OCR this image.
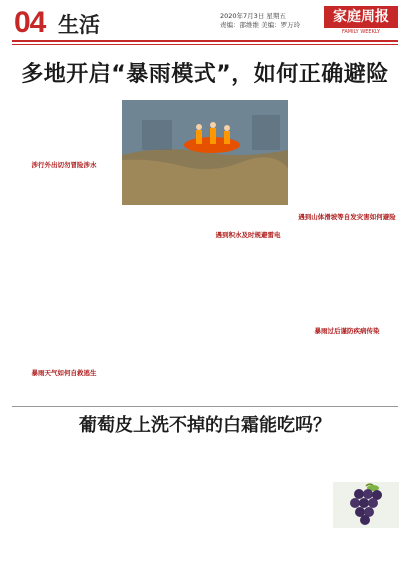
04 生活	2020年7月3日 星期五
责编：邵维维 美编：罗万玲	家庭周报
FAMILY WEEKLY
多地开启“暴雨模式”，如何正确避险
涉行外出切勿冒险涉水
暴雨天气如何自救逃生
遇到积水及时规避雷电
遇到山体滑坡等自发灾害如何避险
暴雨过后谨防疾病传染
葡萄皮上洗不掉的白霜能吃吗？
